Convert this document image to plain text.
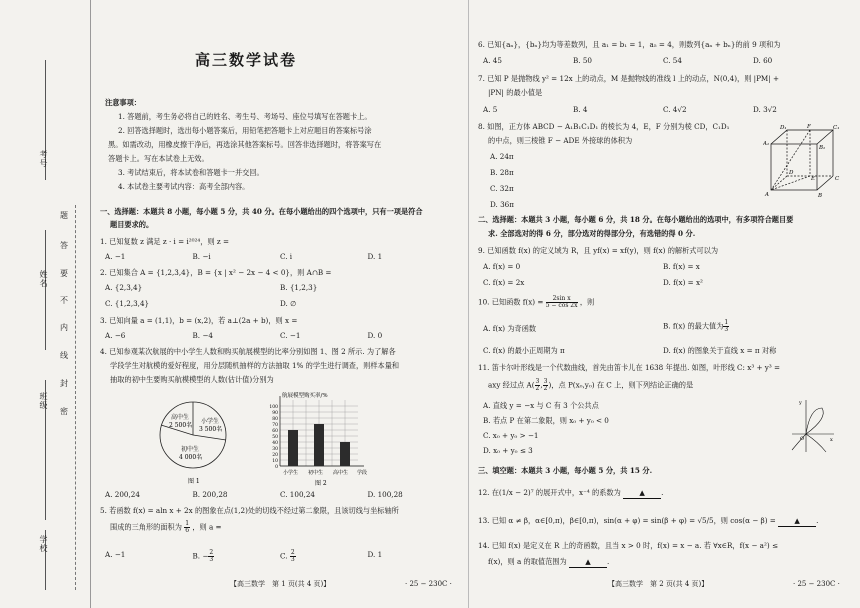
考号
姓名
班级
学校
题
答
要
不
内
线
封
密
高三数学试卷
注意事项：
1. 答题前，考生务必将自己的姓名、考生号、考场号、座位号填写在答题卡上。
2. 回答选择题时，选出每小题答案后，用铅笔把答题卡上对应题目的答案标号涂
黑。如需改动，用橡皮擦干净后，再选涂其他答案标号。回答非选择题时，将答案写在
答题卡上。写在本试卷上无效。
3. 考试结束后，将本试卷和答题卡一并交回。
4. 本试卷主要考试内容：高考全部内容。
一、选择题：本题共 8 小题，每小题 5 分，共 40 分。在每小题给出的四个选项中，只有一项是符合
题目要求的。
1. 已知复数 z 满足 z · i = i²⁰²⁴，则 z =
A. −1	B. −i	C. i	D. 1
2. 已知集合 A = {1,2,3,4}，B = {x | x² − 2x − 4 < 0}，则 A∩B =
A. {2,3,4}	B. {1,2,3}
C. {1,2,3,4}	D. ∅
3. 已知向量 a = (1,1)，b = (x,2)，若 a⊥(2a + b)，则 x =
A. −6	B. −4	C. −1	D. 0
4. 已知参观某次航展的中小学生人数和购买航展模型的比率分别如图 1、图 2 所示. 为了解各
学段学生对航模的爱好程度，用分层随机抽样的方法抽取 1% 的学生进行调查，则样本量和
抽取的初中生要购买航模模型的人数(估计值)分别为
高中生
2 500名
小学生
3 500名
初中生
4 000名
图 1
航展模型购买率/%
0
10
20
30
40
50
60
70
80
90
100
小学生 初中生 高中生 学段
图 2
A. 200,24	B. 200,28	C. 100,24	D. 100,28
5. 若函数 f(x) = aln x + 2x 的图象在点(1,2)处的切线不经过第二象限，且该切线与坐标轴所
围成的三角形的面积为 $\frac{1}{6}$ ，则 a =
A. −1	B. − $\frac{2}{3}$	C. $\frac{2}{3}$	D. 1
【高三数学　第 1 页(共 4 页)】	· 25 − 230C ·
6. 已知{aₙ}，{bₙ}均为等差数列，且 a₁ = b₁ = 1，a₅ = 4，则数列{aₙ + bₙ}的前 9 项和为
A. 45	B. 50	C. 54	D. 60
7. 已知 P 是抛物线 y² = 12x 上的动点，M 是抛物线的准线 l 上的动点，N(0,4)，则 |PM| +
|PN| 的最小值是
A. 5	B. 4	C. 4√2	D. 3√2
8. 如图，正方体 ABCD − A₁B₁C₁D₁ 的棱长为 4，E，F 分别为棱 CD，C₁D₁
的中点，则三棱锥 F − ADE 外接球的体积为
A. 24π
B. 28π
C. 32π
D. 36π
D₁	C₁
A₁
B₁
F
D
E	C
A	B
二、选择题：本题共 3 小题，每小题 6 分，共 18 分。在每小题给出的选项中，有多项符合题目要
求. 全部选对的得 6 分，部分选对的得部分分，有选错的得 0 分.
9. 已知函数 f(x) 的定义域为 R，且 yf(x) = xf(y)，则 f(x) 的解析式可以为
A. f(x) = 0	B. f(x) = x
C. f(x) = 2x	D. f(x) = x²
10. 已知函数 $f(x) = \frac{\text{2sin x}}{5 - \cos 2x}$ ，则
A. f(x) 为奇函数	B. f(x) 的最大值为 $\frac{1}{3}$
C. f(x) 的最小正周期为 π	D. f(x) 的图象关于直线 x = π 对称
11. 笛卡尔叶形线是一个代数曲线，首先由笛卡儿在 1638 年提出. 如图，叶形线 C: x³ + y³ =
axy 经过点 $A( \frac{3}{2}$ , $\frac{3}{2}$ )，点 P(x₀,y₀) 在 C 上，则下列结论正确的是
A. 直线 y = −x 与 C 有 3 个公共点
B. 若点 P 在第二象限，则 x₀ + y₀ < 0
C. x₀ + y₀ > −1
D. x₀ + y₀ ≤ 3
O	x
y
三、填空题：本题共 3 小题，每小题 5 分，共 15 分.
12. 在(1/x − 2)⁷ 的展开式中，x⁻⁴ 的系数为	▲ .
13. 已知 α ≠ β，α∈[0,π)，β∈[0,π)，sin(α + φ) = sin(β + φ) = √5/5，则 cos(α − β) =	▲ .
14. 已知 f(x) 是定义在 R 上的奇函数，且当 x > 0 时，f(x) = x − a. 若 ∀x∈R，f(x − a²) ≤
f(x)，则 a 的取值范围为	▲ .
【高三数学　第 2 页(共 4 页)】	· 25 − 230C ·
